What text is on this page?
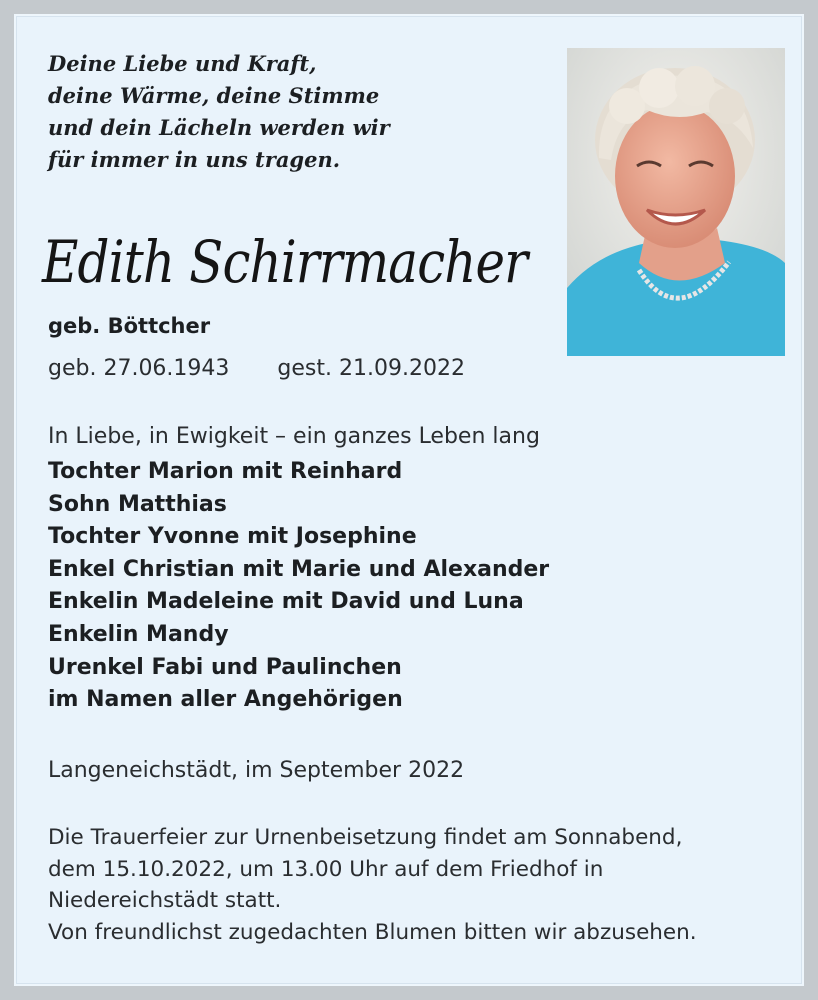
Deine Liebe und Kraft,
deine Wärme, deine Stimme
und dein Lächeln werden wir
für immer in uns tragen.

Edith Schirrmacher
geb. Böttcher
geb. 27.06.1943 gest. 21.09.2022
In Liebe, in Ewigkeit – ein ganzes Leben lang
Tochter Marion mit Reinhard
Sohn Matthias
Tochter Yvonne mit Josephine
Enkel Christian mit Marie und Alexander
Enkelin Madeleine mit David und Luna
Enkelin Mandy
Urenkel Fabi und Paulinchen
im Namen aller Angehörigen
Langeneichstädt, im September 2022

Die Trauerfeier zur Urnenbeisetzung findet am Sonnabend,
dem 15.10.2022, um 13.00 Uhr auf dem Friedhof in
Niedereichstädt statt.
Von freundlichst zugedachten Blumen bitten wir abzusehen.
